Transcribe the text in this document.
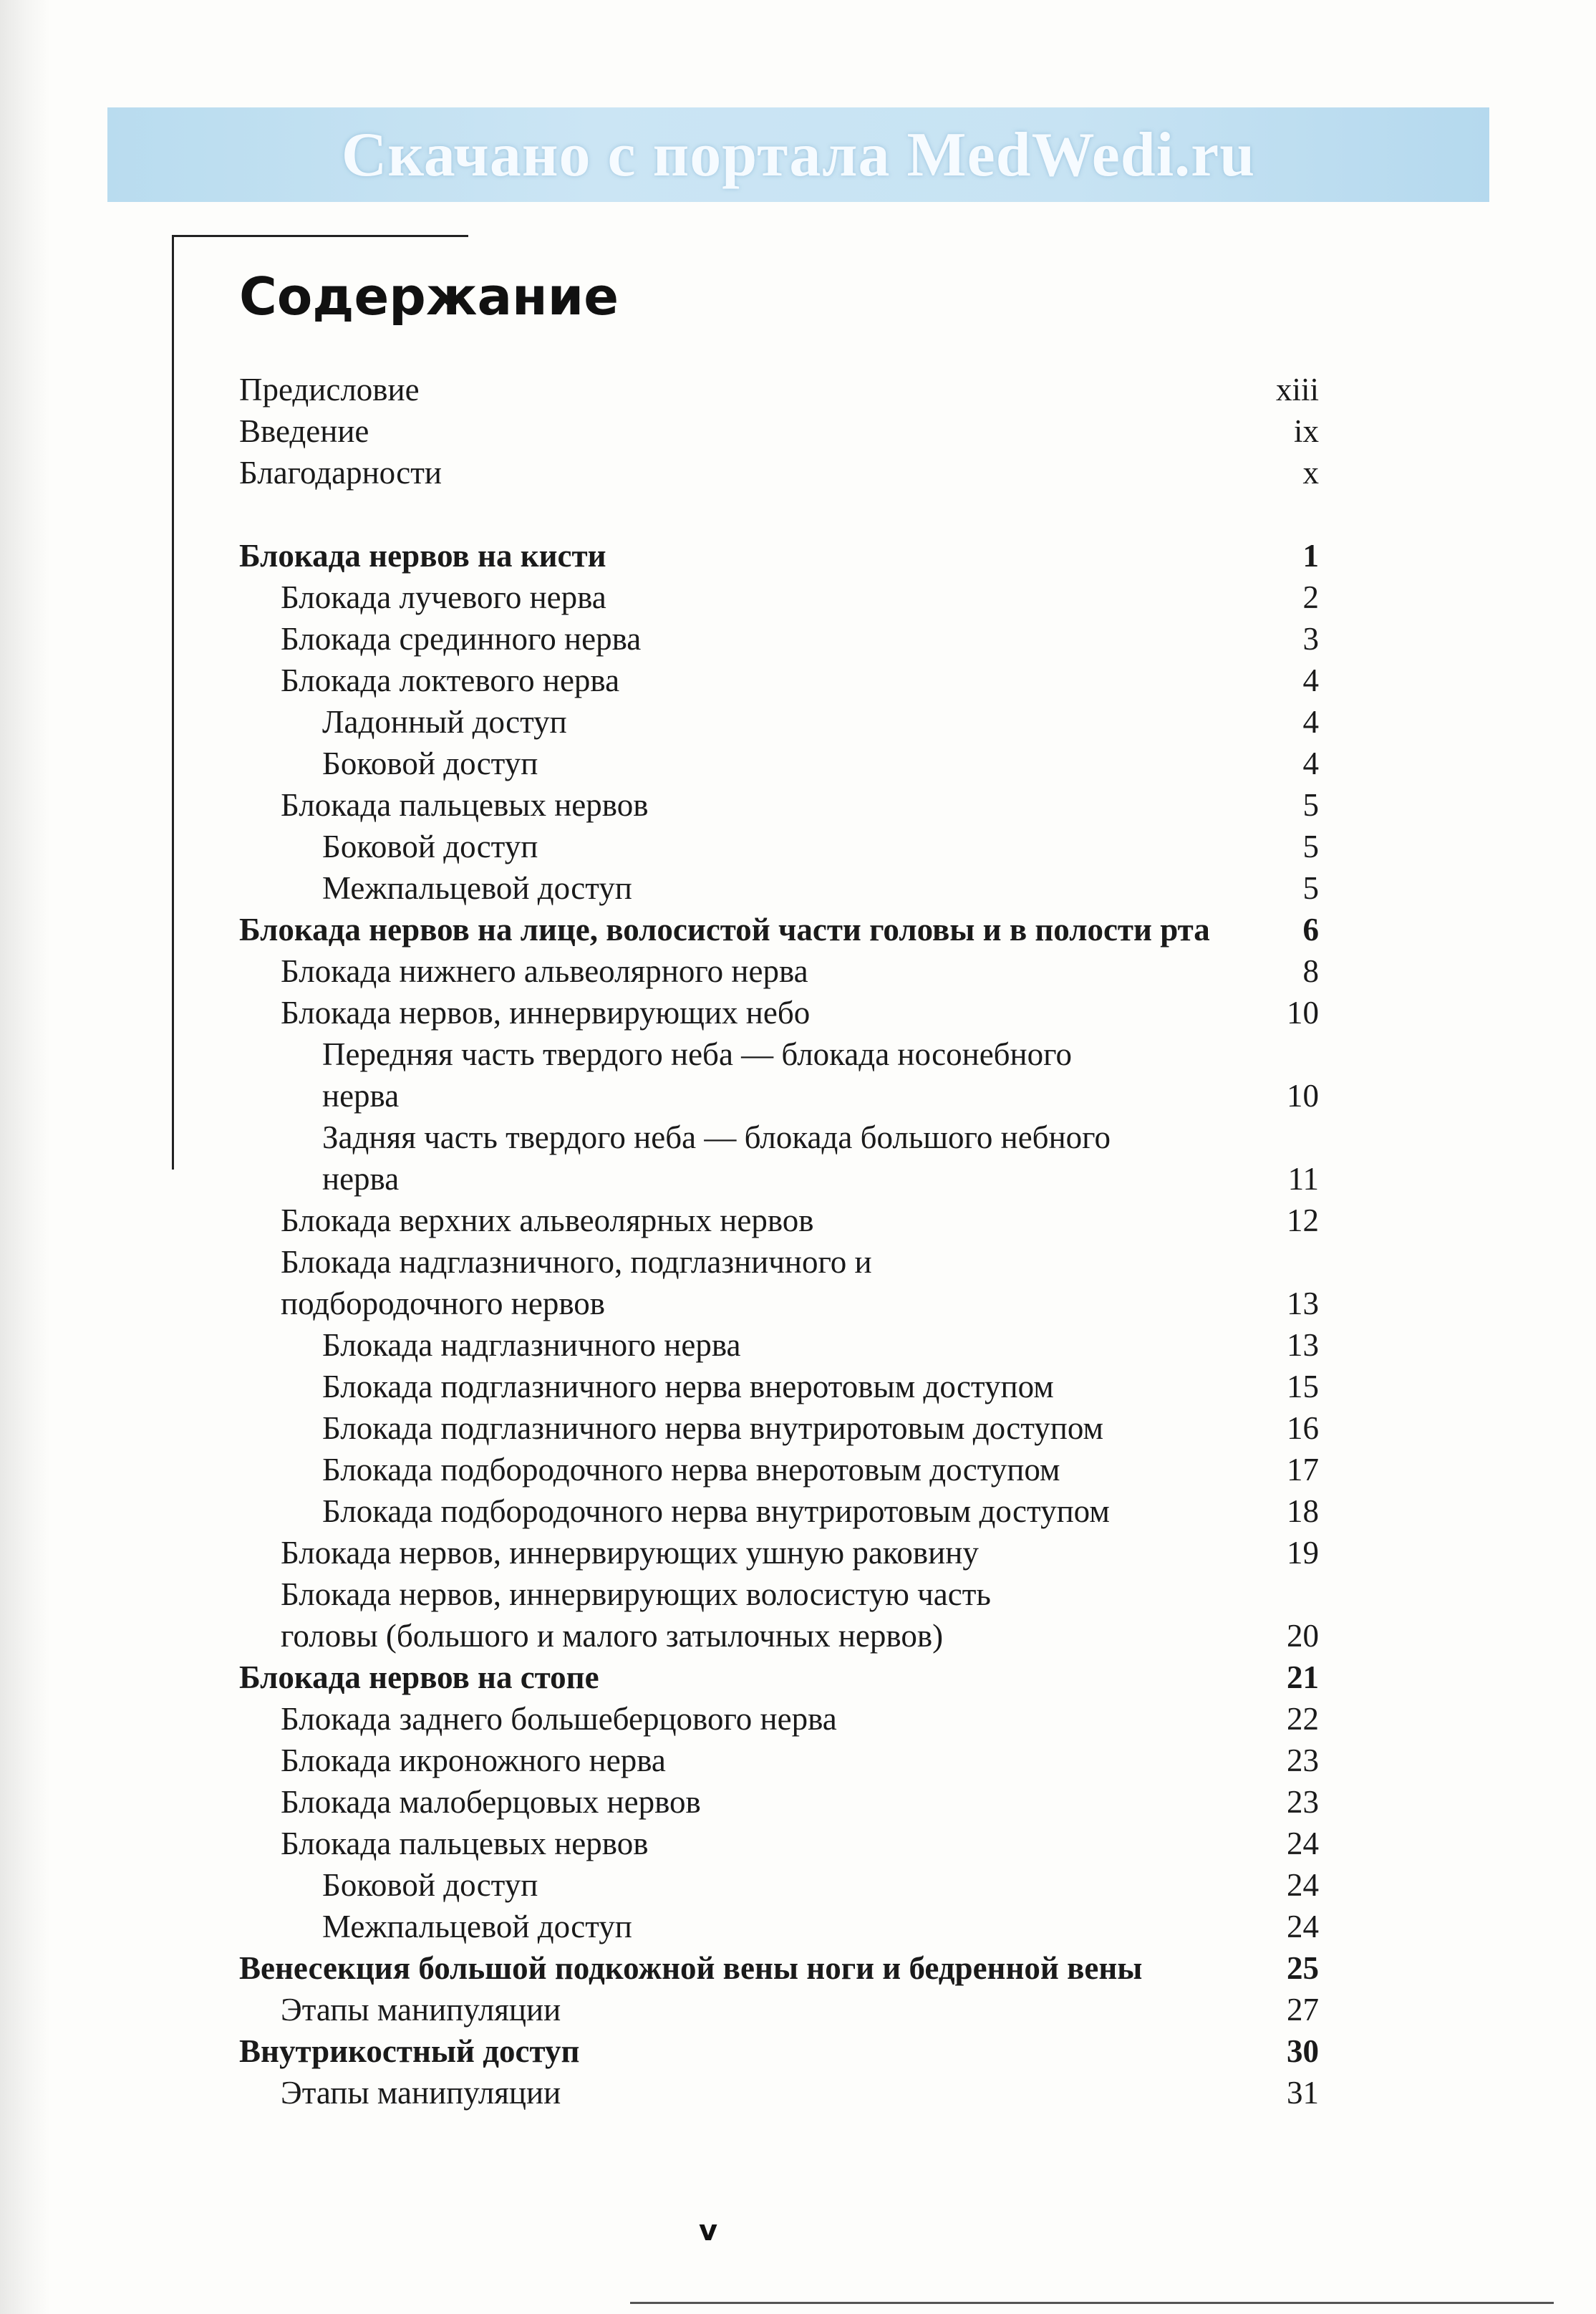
Скачано с портала MedWedi.ru
Содержание
Предисловие	xiii
Введение	ix
Благодарности	x
Блокада нервов на кисти	1
Блокада лучевого нерва	2
Блокада срединного нерва	3
Блокада локтевого нерва	4
Ладонный доступ	4
Боковой доступ	4
Блокада пальцевых нервов	5
Боковой доступ	5
Межпальцевой доступ	5
Блокада нервов на лице, волосистой части головы и в полости рта	6
Блокада нижнего альвеолярного нерва	8
Блокада нервов, иннервирующих небо	10
Передняя часть твердого неба — блокада носонебного
нерва	10
Задняя часть твердого неба — блокада большого небного
нерва	11
Блокада верхних альвеолярных нервов	12
Блокада надглазничного, подглазничного и
подбородочного нервов	13
Блокада надглазничного нерва	13
Блокада подглазничного нерва внеротовым доступом	15
Блокада подглазничного нерва внутриротовым доступом	16
Блокада подбородочного нерва внеротовым доступом	17
Блокада подбородочного нерва внутриротовым доступом	18
Блокада нервов, иннервирующих ушную раковину	19
Блокада нервов, иннервирующих волосистую часть
головы (большого и малого затылочных нервов)	20
Блокада нервов на стопе	21
Блокада заднего большеберцового нерва	22
Блокада икроножного нерва	23
Блокада малоберцовых нервов	23
Блокада пальцевых нервов	24
Боковой доступ	24
Межпальцевой доступ	24
Венесекция большой подкожной вены ноги и бедренной вены	25
Этапы манипуляции	27
Внутрикостный доступ	30
Этапы манипуляции	31
v
